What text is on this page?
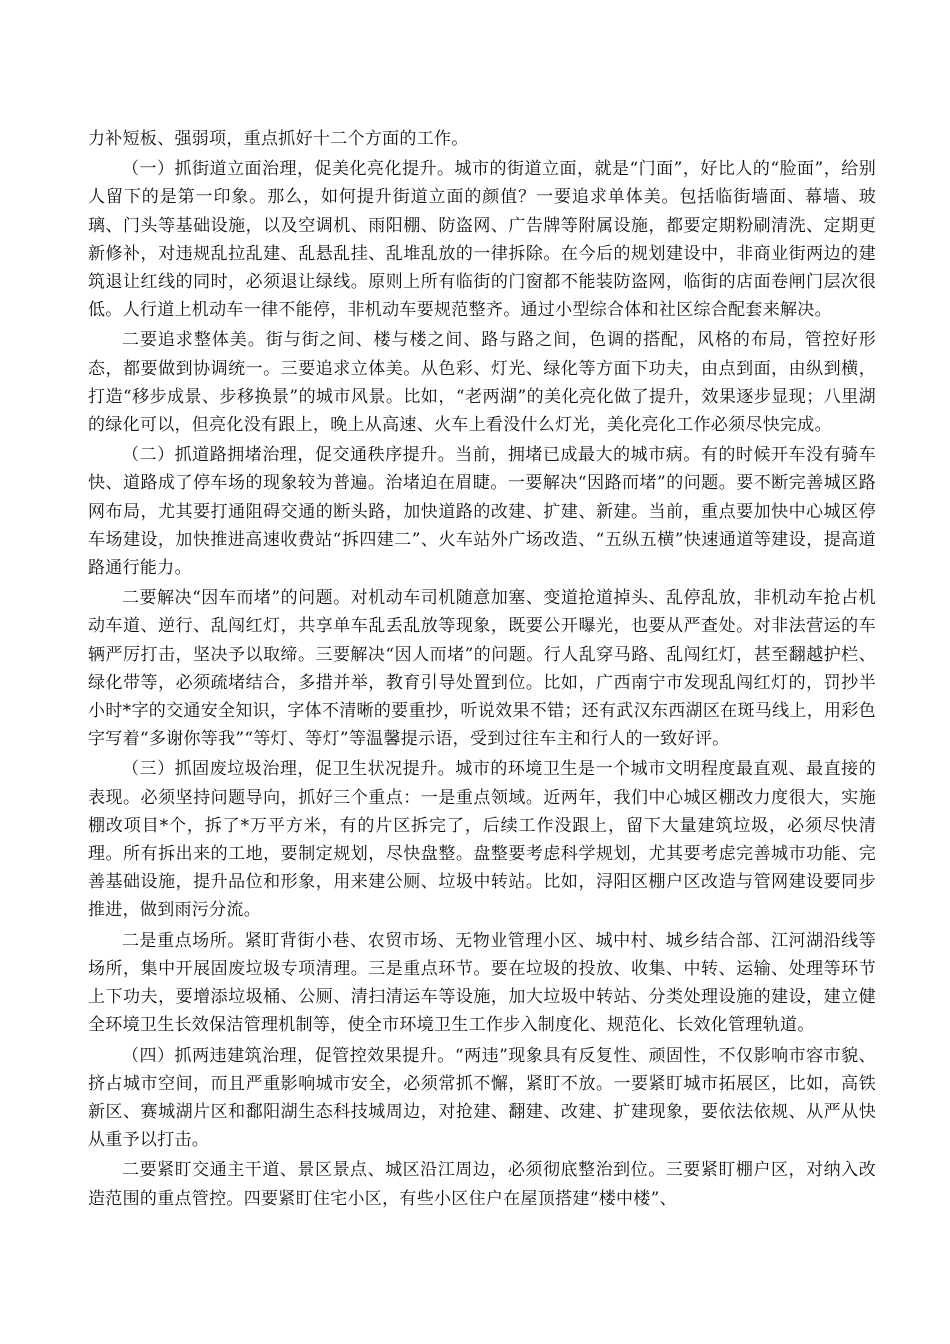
力补短板、强弱项，重点抓好十二个方面的工作。

（一）抓街道立面治理，促美化亮化提升。城市的街道立面，就是“门面”，好比人的“脸面”，给别人留下的是第一印象。那么，如何提升街道立面的颜值？一要追求单体美。包括临街墙面、幕墙、玻璃、门头等基础设施，以及空调机、雨阳棚、防盗网、广告牌等附属设施，都要定期粉刷清洗、定期更新修补，对违规乱拉乱建、乱悬乱挂、乱堆乱放的一律拆除。在今后的规划建设中，非商业街两边的建筑退让红线的同时，必须退让绿线。原则上所有临街的门窗都不能装防盗网，临街的店面卷闸门层次很低。人行道上机动车一律不能停，非机动车要规范整齐。通过小型综合体和社区综合配套来解决。

二要追求整体美。街与街之间、楼与楼之间、路与路之间，色调的搭配，风格的布局，管控好形态，都要做到协调统一。三要追求立体美。从色彩、灯光、绿化等方面下功夫，由点到面，由纵到横，打造“移步成景、步移换景”的城市风景。比如，“老两湖”的美化亮化做了提升，效果逐步显现；八里湖的绿化可以，但亮化没有跟上，晚上从高速、火车上看没什么灯光，美化亮化工作必须尽快完成。

（二）抓道路拥堵治理，促交通秩序提升。当前，拥堵已成最大的城市病。有的时候开车没有骑车快、道路成了停车场的现象较为普遍。治堵迫在眉睫。一要解决“因路而堵”的问题。要不断完善城区路网布局，尤其要打通阻碍交通的断头路，加快道路的改建、扩建、新建。当前，重点要加快中心城区停车场建设，加快推进高速收费站“拆四建二”、火车站外广场改造、“五纵五横”快速通道等建设，提高道路通行能力。

二要解决“因车而堵”的问题。对机动车司机随意加塞、变道抢道掉头、乱停乱放，非机动车抢占机动车道、逆行、乱闯红灯，共享单车乱丢乱放等现象，既要公开曝光，也要从严查处。对非法营运的车辆严厉打击，坚决予以取缔。三要解决“因人而堵”的问题。行人乱穿马路、乱闯红灯，甚至翻越护栏、绿化带等，必须疏堵结合，多措并举，教育引导处置到位。比如，广西南宁市发现乱闯红灯的，罚抄半小时*字的交通安全知识，字体不清晰的要重抄，听说效果不错；还有武汉东西湖区在斑马线上，用彩色字写着“多谢你等我”“等灯、等灯”等温馨提示语，受到过往车主和行人的一致好评。

（三）抓固废垃圾治理，促卫生状况提升。城市的环境卫生是一个城市文明程度最直观、最直接的表现。必须坚持问题导向，抓好三个重点：一是重点领域。近两年，我们中心城区棚改力度很大，实施棚改项目*个，拆了*万平方米，有的片区拆完了，后续工作没跟上，留下大量建筑垃圾，必须尽快清理。所有拆出来的工地，要制定规划，尽快盘整。盘整要考虑科学规划，尤其要考虑完善城市功能、完善基础设施，提升品位和形象，用来建公厕、垃圾中转站。比如，浔阳区棚户区改造与管网建设要同步推进，做到雨污分流。

二是重点场所。紧盯背街小巷、农贸市场、无物业管理小区、城中村、城乡结合部、江河湖沿线等场所，集中开展固废垃圾专项清理。三是重点环节。要在垃圾的投放、收集、中转、运输、处理等环节上下功夫，要增添垃圾桶、公厕、清扫清运车等设施，加大垃圾中转站、分类处理设施的建设，建立健全环境卫生长效保洁管理机制等，使全市环境卫生工作步入制度化、规范化、长效化管理轨道。

（四）抓两违建筑治理，促管控效果提升。“两违”现象具有反复性、顽固性，不仅影响市容市貌、挤占城市空间，而且严重影响城市安全，必须常抓不懈，紧盯不放。一要紧盯城市拓展区，比如，高铁新区、赛城湖片区和鄱阳湖生态科技城周边，对抢建、翻建、改建、扩建现象，要依法依规、从严从快从重予以打击。

二要紧盯交通主干道、景区景点、城区沿江周边，必须彻底整治到位。三要紧盯棚户区，对纳入改造范围的重点管控。四要紧盯住宅小区，有些小区住户在屋顶搭建“楼中楼”、
